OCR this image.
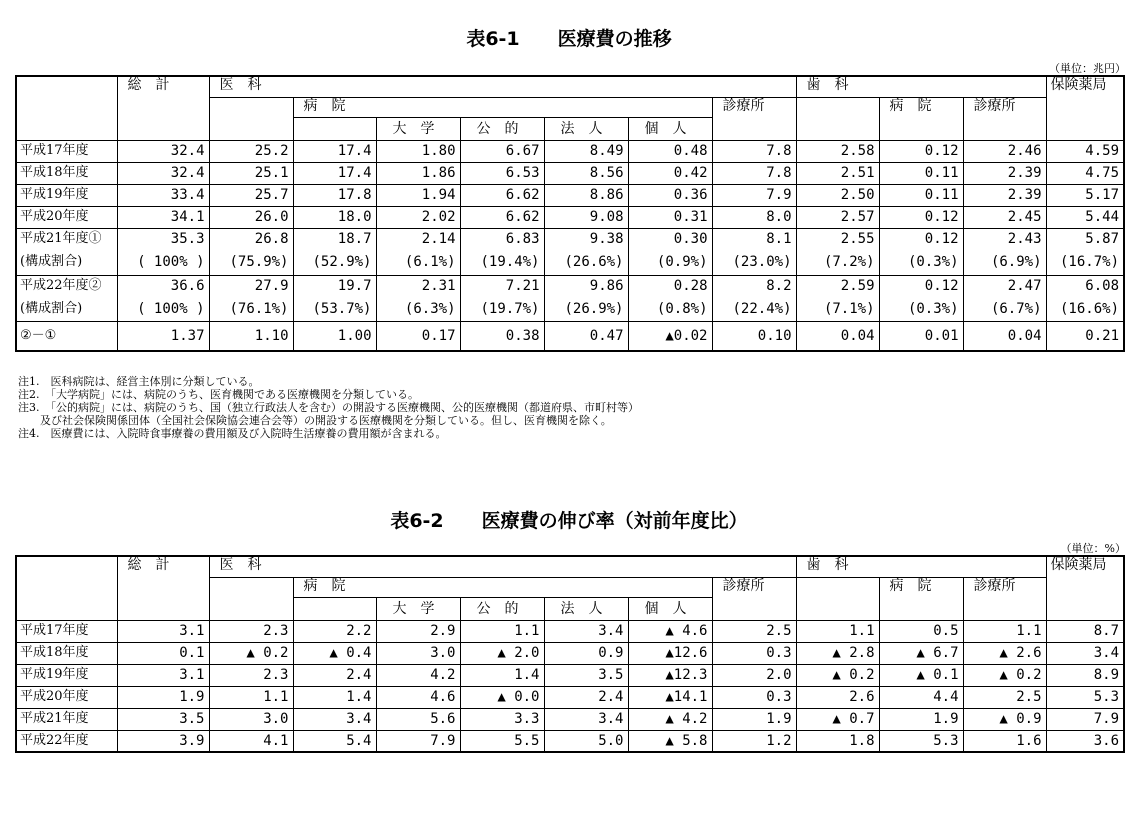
表6-1　　医療費の推移
（単位：兆円）
	総　計	医　科							歯　科			保険薬局
			病　院					診療所		病　院	診療所	
				大　学	公　的	法　人	個　人					
平成17年度	32.4	25.2	17.4	1.80	6.67	8.49	0.48	7.8	2.58	0.12	2.46	4.59
平成18年度	32.4	25.1	17.4	1.86	6.53	8.56	0.42	7.8	2.51	0.11	2.39	4.75
平成19年度	33.4	25.7	17.8	1.94	6.62	8.86	0.36	7.9	2.50	0.11	2.39	5.17
平成20年度	34.1	26.0	18.0	2.02	6.62	9.08	0.31	8.0	2.57	0.12	2.45	5.44
平成21年度①	35.3	26.8	18.7	2.14	6.83	9.38	0.30	8.1	2.55	0.12	2.43	5.87
(構成割合)	( 100% )	(75.9%)	(52.9%)	(6.1%)	(19.4%)	(26.6%)	(0.9%)	(23.0%)	(7.2%)	(0.3%)	(6.9%)	(16.7%)
平成22年度②	36.6	27.9	19.7	2.31	7.21	9.86	0.28	8.2	2.59	0.12	2.47	6.08
(構成割合)	( 100% )	(76.1%)	(53.7%)	(6.3%)	(19.7%)	(26.9%)	(0.8%)	(22.4%)	(7.1%)	(0.3%)	(6.7%)	(16.6%)
②－①	1.37	1.10	1.00	0.17	0.38	0.47	▲0.02	0.10	0.04	0.01	0.04	0.21
注1.　医科病院は、経営主体別に分類している。
注2.　「大学病院」には、病院のうち、医育機関である医療機関を分類している。
注3.　「公的病院」には、病院のうち、国（独立行政法人を含む）の開設する医療機関、公的医療機関（都道府県、市町村等）
　　及び社会保険関係団体（全国社会保険協会連合会等）の開設する医療機関を分類している。但し、医育機関を除く。
注4.　医療費には、入院時食事療養の費用額及び入院時生活療養の費用額が含まれる。
表6-2　　医療費の伸び率（対前年度比）
（単位：%）
	総　計	医　科							歯　科			保険薬局
			病　院					診療所		病　院	診療所	
				大　学	公　的	法　人	個　人					
平成17年度	3.1	2.3	2.2	2.9	1.1	3.4	▲ 4.6	2.5	1.1	0.5	1.1	8.7
平成18年度	0.1	▲ 0.2	▲ 0.4	3.0	▲ 2.0	0.9	▲12.6	0.3	▲ 2.8	▲ 6.7	▲ 2.6	3.4
平成19年度	3.1	2.3	2.4	4.2	1.4	3.5	▲12.3	2.0	▲ 0.2	▲ 0.1	▲ 0.2	8.9
平成20年度	1.9	1.1	1.4	4.6	▲ 0.0	2.4	▲14.1	0.3	2.6	4.4	2.5	5.3
平成21年度	3.5	3.0	3.4	5.6	3.3	3.4	▲ 4.2	1.9	▲ 0.7	1.9	▲ 0.9	7.9
平成22年度	3.9	4.1	5.4	7.9	5.5	5.0	▲ 5.8	1.2	1.8	5.3	1.6	3.6
